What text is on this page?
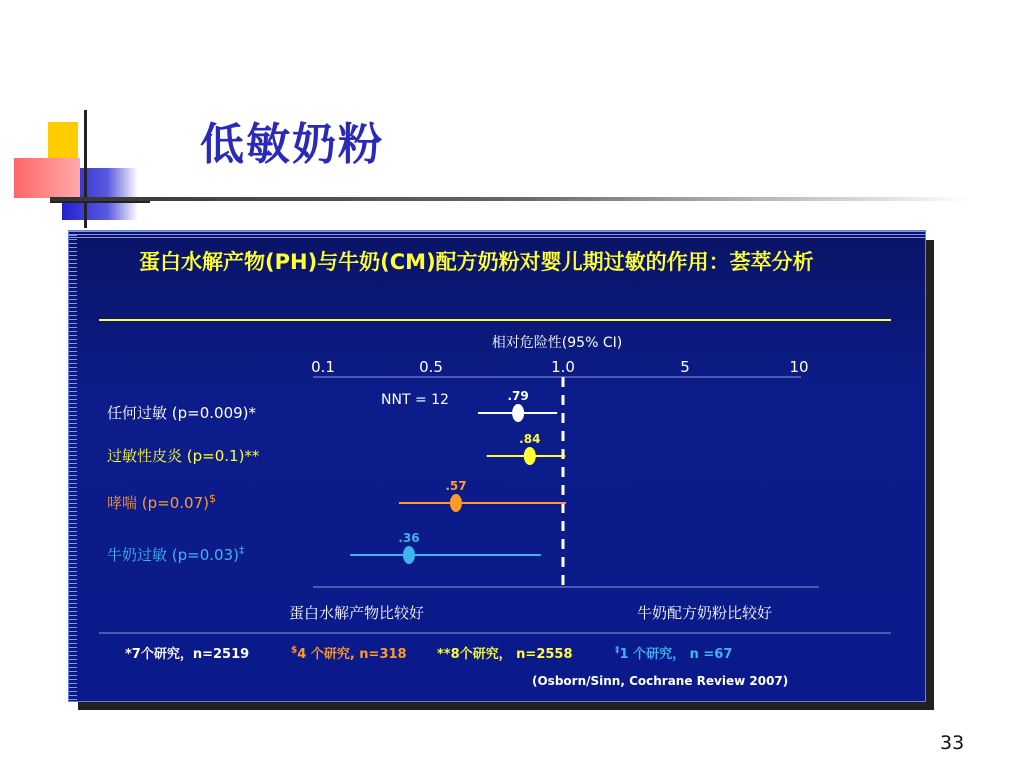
低敏奶粉
蛋白水解产物(PH)与牛奶(CM)配方奶粉对婴儿期过敏的作用：荟萃分析
相对危险性(95% CI)
0.1	0.5	1.0	5	10
NNT = 12
任何过敏 (p=0.009)*
.79
过敏性皮炎 (p=0.1)**
.84
哮喘 (p=0.07)$
.57
牛奶过敏 (p=0.03)‡
.36
蛋白水解产物比较好	牛奶配方奶粉比较好
*7个研究，n=2519	$4 个研究, n=318 **8个研究， n=2558	‡1 个研究， n =67
(Osborn/Sinn, Cochrane Review 2007)
33
